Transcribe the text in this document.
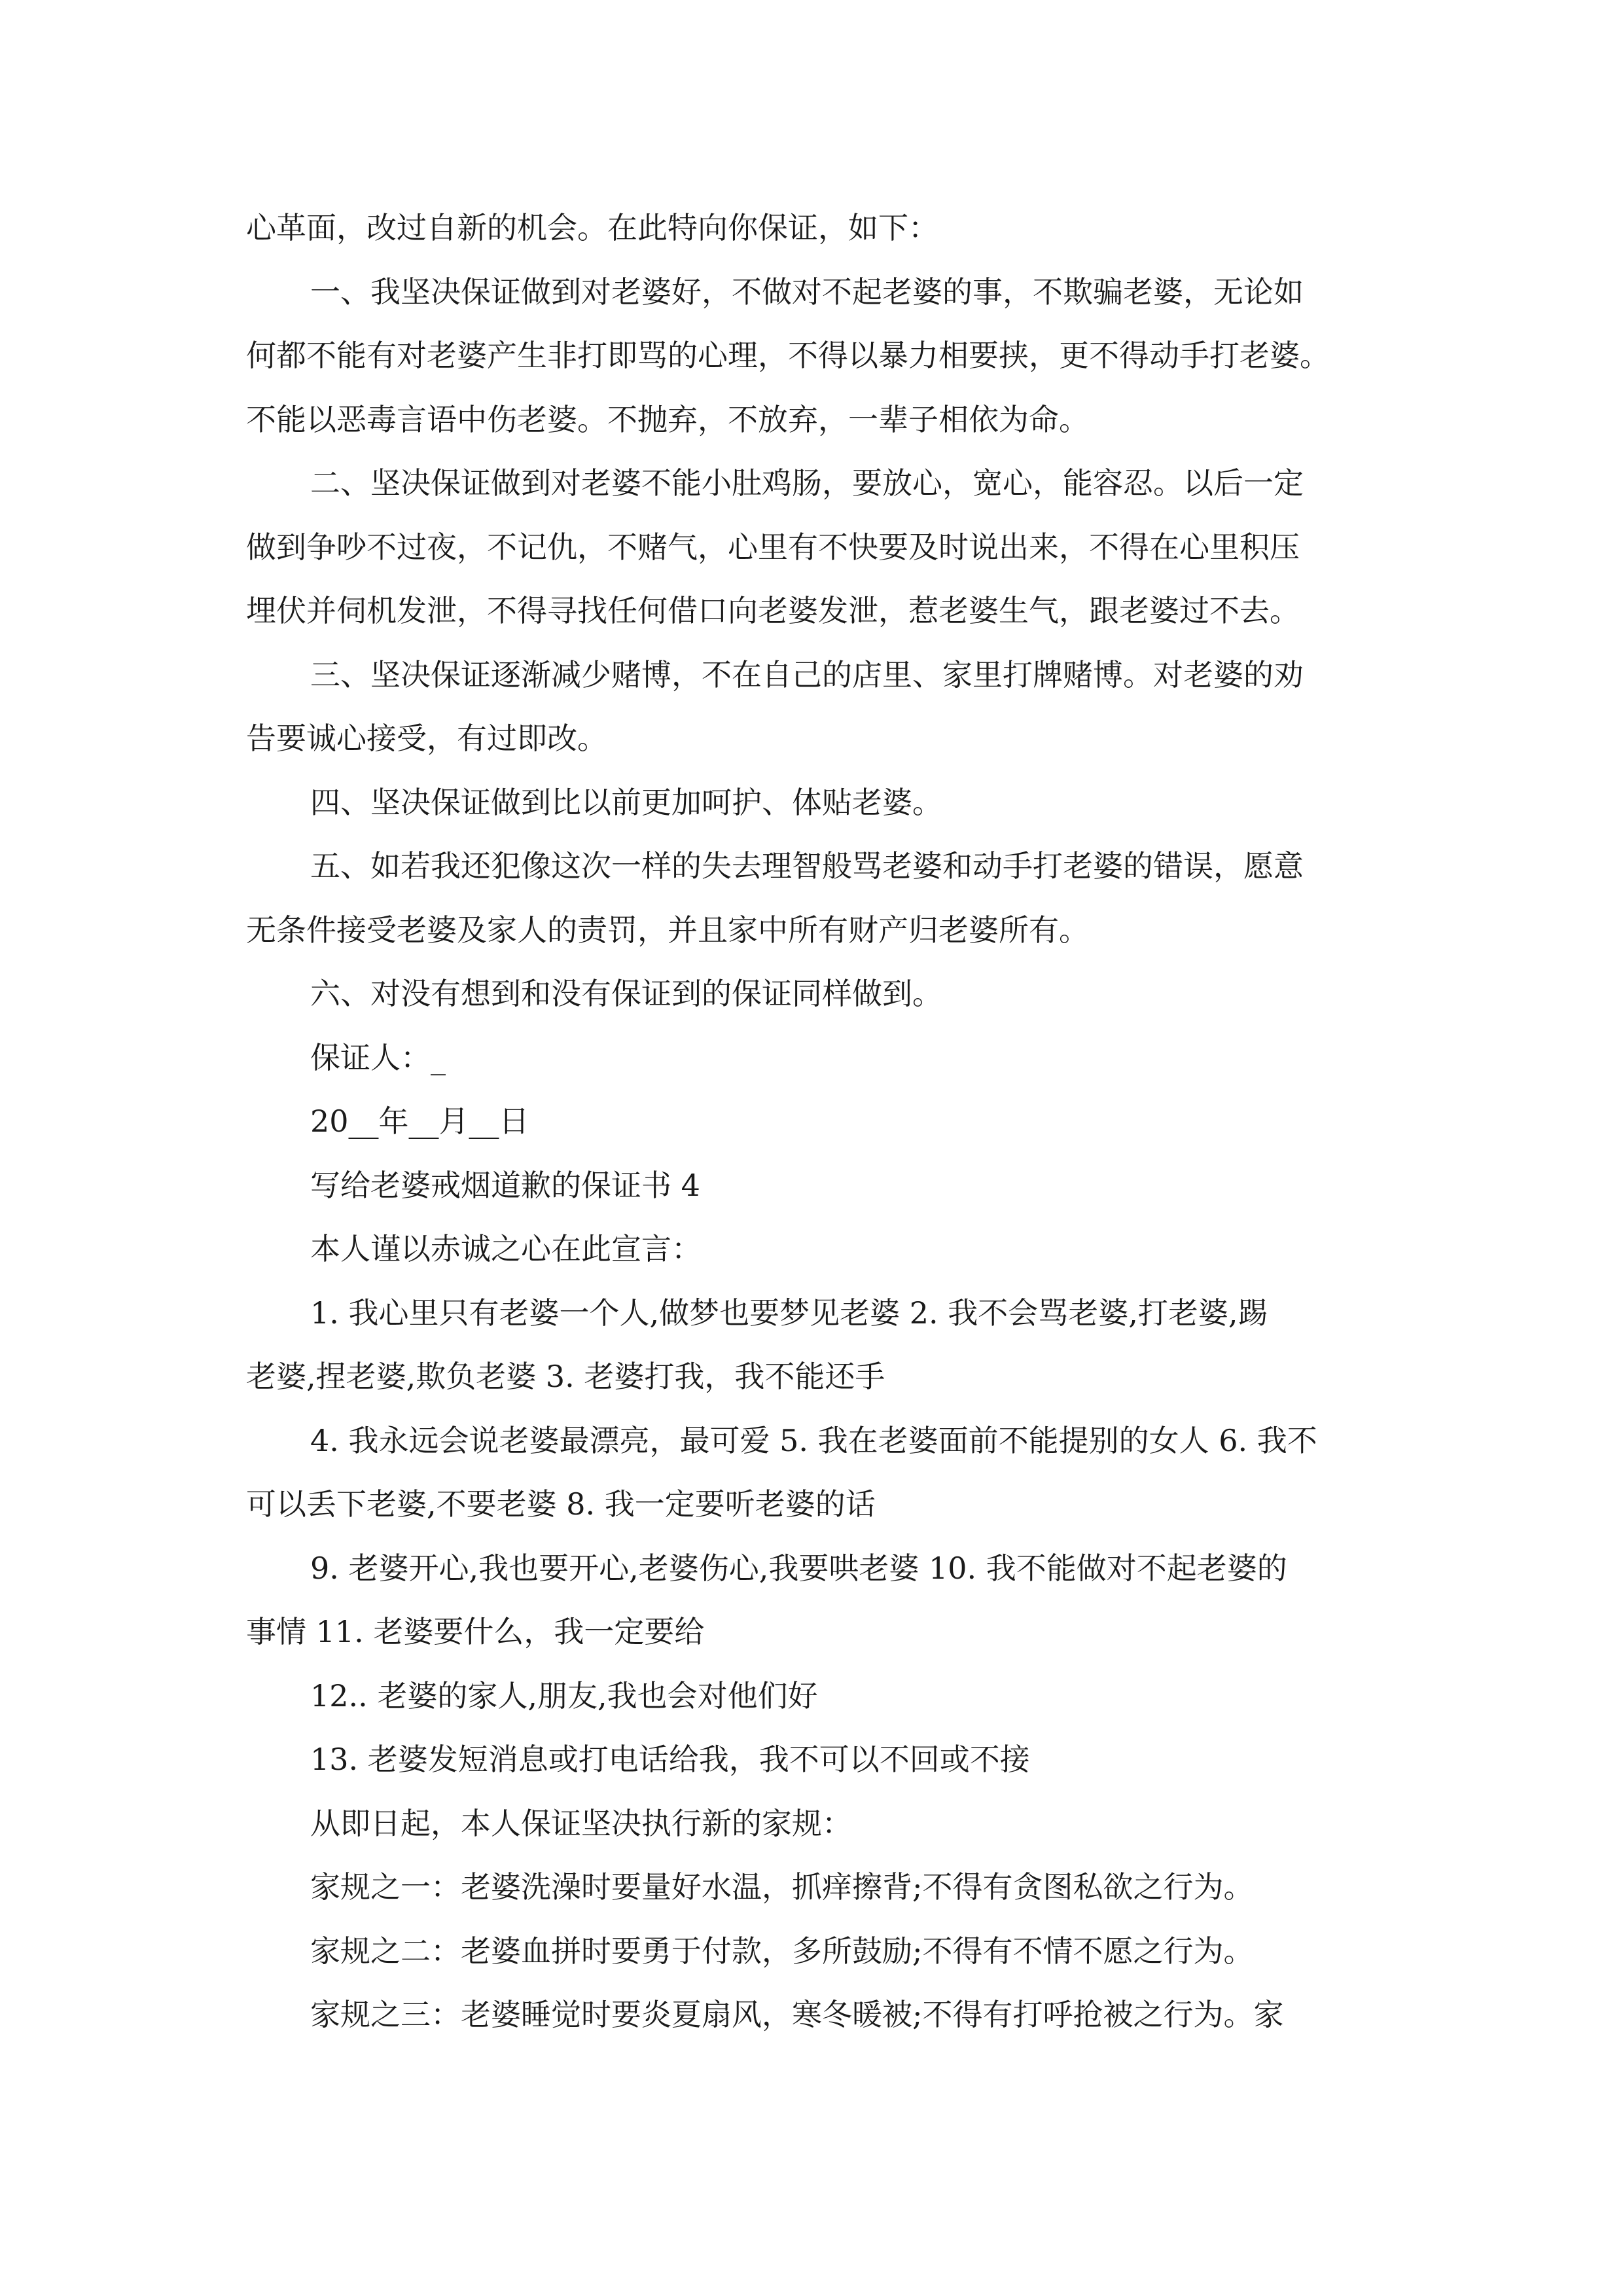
心革面，改过自新的机会。在此特向你保证，如下：
一、我坚决保证做到对老婆好，不做对不起老婆的事，不欺骗老婆，无论如
何都不能有对老婆产生非打即骂的心理，不得以暴力相要挟，更不得动手打老婆。
不能以恶毒言语中伤老婆。不抛弃，不放弃，一辈子相依为命。
二、坚决保证做到对老婆不能小肚鸡肠，要放心，宽心，能容忍。以后一定
做到争吵不过夜，不记仇，不赌气，心里有不快要及时说出来，不得在心里积压
埋伏并伺机发泄，不得寻找任何借口向老婆发泄，惹老婆生气，跟老婆过不去。
三、坚决保证逐渐减少赌博，不在自己的店里、家里打牌赌博。对老婆的劝
告要诚心接受，有过即改。
四、坚决保证做到比以前更加呵护、体贴老婆。
五、如若我还犯像这次一样的失去理智般骂老婆和动手打老婆的错误，愿意
无条件接受老婆及家人的责罚，并且家中所有财产归老婆所有。
六、对没有想到和没有保证到的保证同样做到。
保证人：_
20__年__月__日
写给老婆戒烟道歉的保证书 4
本人谨以赤诚之心在此宣言：
1. 我心里只有老婆一个人,做梦也要梦见老婆 2. 我不会骂老婆,打老婆,踢
老婆,捏老婆,欺负老婆 3. 老婆打我，我不能还手
4. 我永远会说老婆最漂亮，最可爱 5. 我在老婆面前不能提别的女人 6. 我不
可以丢下老婆,不要老婆 8. 我一定要听老婆的话
9. 老婆开心,我也要开心,老婆伤心,我要哄老婆 10. 我不能做对不起老婆的
事情 11. 老婆要什么，我一定要给
12.. 老婆的家人,朋友,我也会对他们好
13. 老婆发短消息或打电话给我，我不可以不回或不接
从即日起，本人保证坚决执行新的家规：
家规之一：老婆洗澡时要量好水温，抓痒擦背;不得有贪图私欲之行为。
家规之二：老婆血拼时要勇于付款，多所鼓励;不得有不情不愿之行为。
家规之三：老婆睡觉时要炎夏扇风，寒冬暖被;不得有打呼抢被之行为。家
